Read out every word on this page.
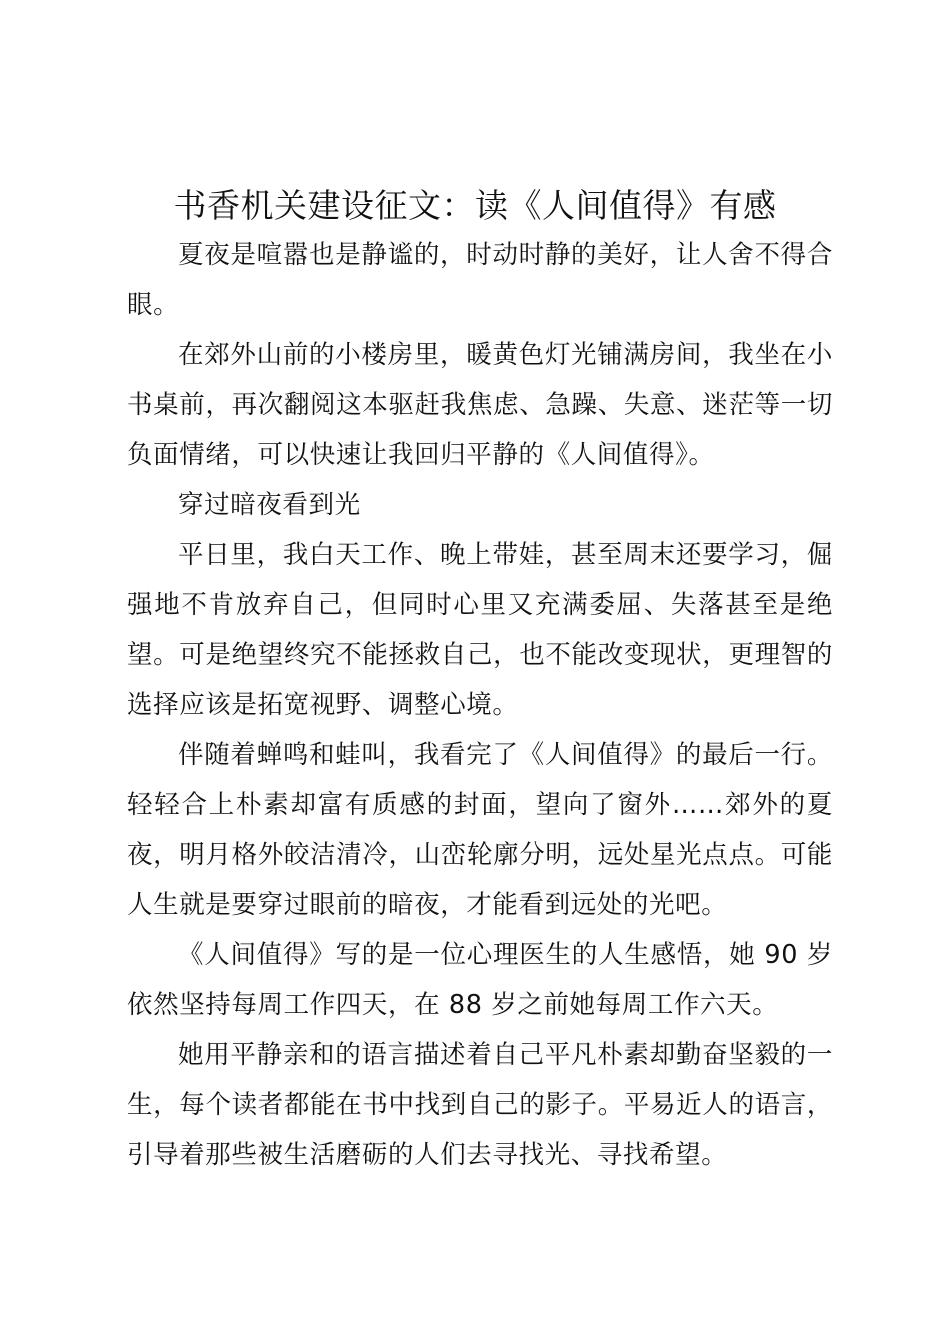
书香机关建设征文：读《人间值得》有感

夏夜是喧嚣也是静谧的，时动时静的美好，让人舍不得合眼。

在郊外山前的小楼房里，暖黄色灯光铺满房间，我坐在小书桌前，再次翻阅这本驱赶我焦虑、急躁、失意、迷茫等一切负面情绪，可以快速让我回归平静的《人间值得》。

穿过暗夜看到光

平日里，我白天工作、晚上带娃，甚至周末还要学习，倔强地不肯放弃自己，但同时心里又充满委屈、失落甚至是绝望。可是绝望终究不能拯救自己，也不能改变现状，更理智的选择应该是拓宽视野、调整心境。

伴随着蝉鸣和蛙叫，我看完了《人间值得》的最后一行。轻轻合上朴素却富有质感的封面，望向了窗外……郊外的夏夜，明月格外皎洁清冷，山峦轮廓分明，远处星光点点。可能人生就是要穿过眼前的暗夜，才能看到远处的光吧。

《人间值得》写的是一位心理医生的人生感悟，她 90 岁依然坚持每周工作四天，在 88 岁之前她每周工作六天。

她用平静亲和的语言描述着自己平凡朴素却勤奋坚毅的一生，每个读者都能在书中找到自己的影子。平易近人的语言，引导着那些被生活磨砺的人们去寻找光、寻找希望。
